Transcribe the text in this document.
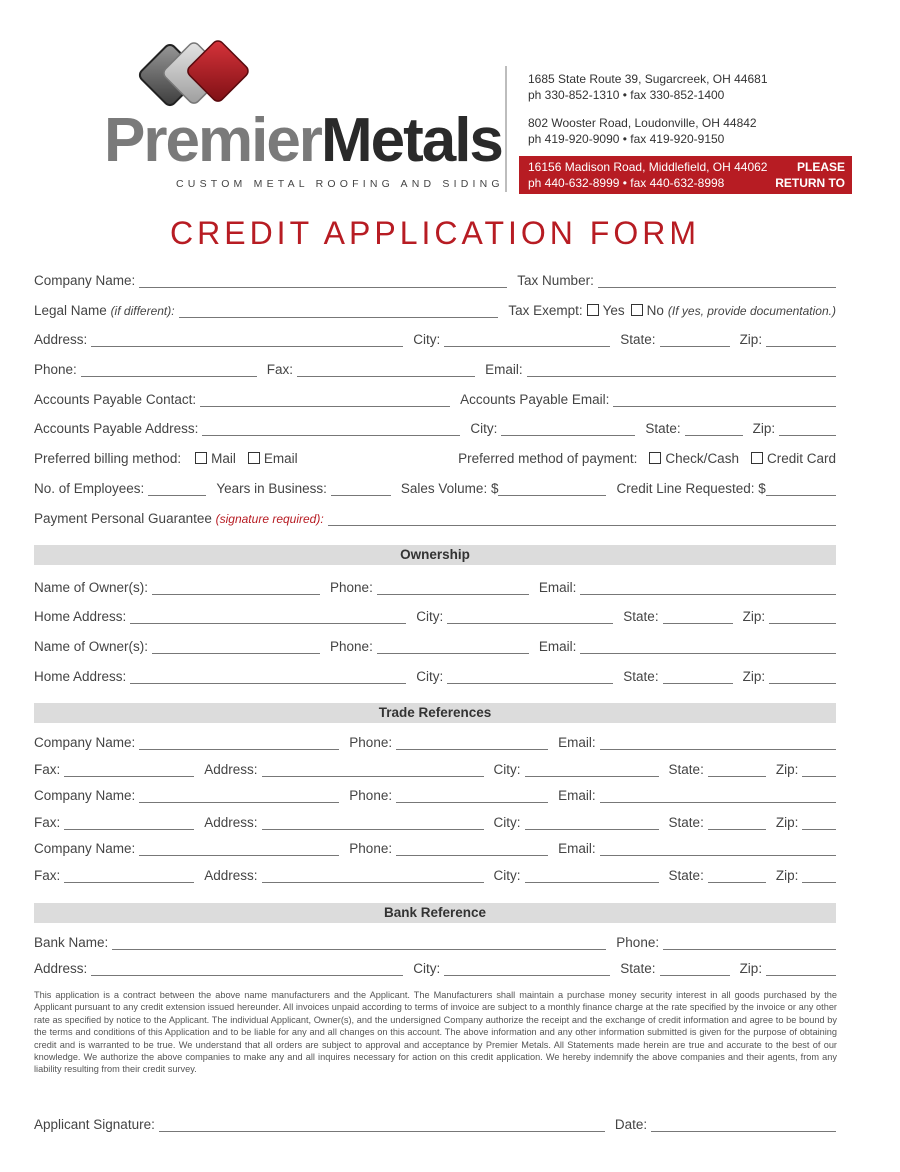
PremierMetals
CUSTOM METAL ROOFING AND SIDING
1685 State Route 39, Sugarcreek, OH 44681
ph 330-852-1310 • fax 330-852-1400
802 Wooster Road, Loudonville, OH 44842
ph 419-920-9090 • fax 419-920-9150
16156 Madison Road, Middlefield, OH 44062
ph 440-632-8999 • fax 440-632-8998
PLEASE
RETURN TO
CREDIT APPLICATION FORM
Company Name:	Tax Number:
Legal Name (if different):	Tax Exempt: Yes No (If yes, provide documentation.)
Address:	City:	State:	Zip:
Phone:	Fax:	Email:
Accounts Payable Contact:	Accounts Payable Email:
Accounts Payable Address:	City:	State:	Zip:
Preferred billing method:	Mail Email	Preferred method of payment:	Check/Cash Credit Card
No. of Employees:	Years in Business:	Sales Volume: $	Credit Line Requested: $
Payment Personal Guarantee (signature required):
Ownership
Name of Owner(s):	Phone:	Email:
Home Address:	City:	State:	Zip:
Name of Owner(s):	Phone:	Email:
Home Address:	City:	State:	Zip:
Trade References
Company Name:	Phone:	Email:
Fax:	Address:	City:	State:	Zip:
Company Name:	Phone:	Email:
Fax:	Address:	City:	State:	Zip:
Company Name:	Phone:	Email:
Fax:	Address:	City:	State:	Zip:
Bank Reference
Bank Name:	Phone:
Address:	City:	State:	Zip:
This application is a contract between the above name manufacturers and the Applicant. The Manufacturers shall maintain a purchase money security interest in all goods purchased by the Applicant pursuant to any credit extension issued hereunder. All invoices unpaid according to terms of invoice are subject to a monthly finance charge at the rate specified by the invoice or any other rate as specified by notice to the Applicant. The individual Applicant, Owner(s), and the undersigned Company authorize the receipt and the exchange of credit information and agree to be bound by the terms and conditions of this Application and to be liable for any and all changes on this account. The above information and any other information submitted is given for the purpose of obtaining credit and is warranted to be true. We understand that all orders are subject to approval and acceptance by Premier Metals. All Statements made herein are true and accurate to the best of our knowledge. We authorize the above companies to make any and all inquires necessary for action on this credit application. We hereby indemnify the above companies and their agents, from any liability resulting from their credit survey.
Applicant Signature:	Date:
